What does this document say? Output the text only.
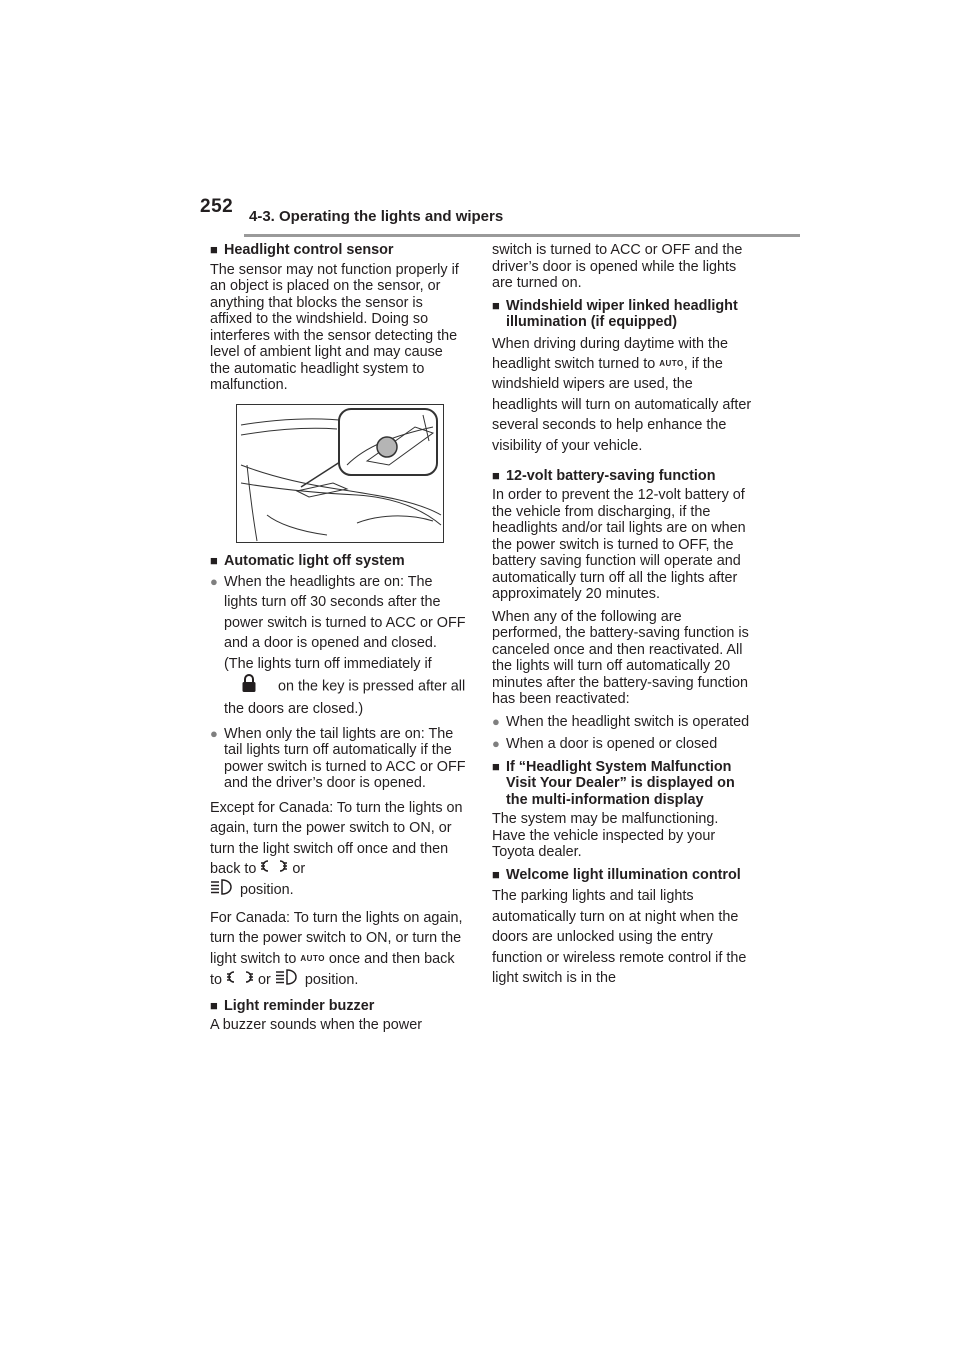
252 4-3. Operating the lights and wipers
■ Headlight control sensor
The sensor may not function properly if an object is placed on the sensor, or anything that blocks the sensor is affixed to the windshield. Doing so interferes with the sensor detecting the level of ambient light and may cause the automatic headlight system to malfunction.
■ Automatic light off system
● When the headlights are on: The lights turn off 30 seconds after the power switch is turned to ACC or OFF and a door is opened and closed. (The lights turn off immediately if  on the key is pressed after all the doors are closed.)
● When only the tail lights are on: The tail lights turn off automatically if the power switch is turned to ACC or OFF and the driver’s door is opened.
Except for Canada: To turn the lights on again, turn the power switch to ON, or turn the light switch off once and then back to	or
position.
For Canada: To turn the lights on again, turn the power switch to ON, or turn the light switch to AUTO once and then back to	or position.
■ Light reminder buzzer
A buzzer sounds when the power
switch is turned to ACC or OFF and the driver’s door is opened while the lights are turned on.
■ Windshield wiper linked headlight illumination (if equipped)
When driving during daytime with the headlight switch turned to AUTO, if the windshield wipers are used, the headlights will turn on automatically after several seconds to help enhance the visibility of your vehicle.
■ 12-volt battery-saving function
In order to prevent the 12-volt battery of the vehicle from discharging, if the headlights and/or tail lights are on when the power switch is turned to OFF, the battery saving function will operate and automatically turn off all the lights after approximately 20 minutes.
When any of the following are performed, the battery-saving function is canceled once and then reactivated. All the lights will turn off automatically 20 minutes after the battery-saving function has been reactivated:
● When the headlight switch is operated
● When a door is opened or closed
■ If “Headlight System Malfunction Visit Your Dealer” is displayed on the multi-information display
The system may be malfunctioning. Have the vehicle inspected by your Toyota dealer.
■ Welcome light illumination control
The parking lights and tail lights automatically turn on at night when the doors are unlocked using the entry function or wireless remote control if the light switch is in the
